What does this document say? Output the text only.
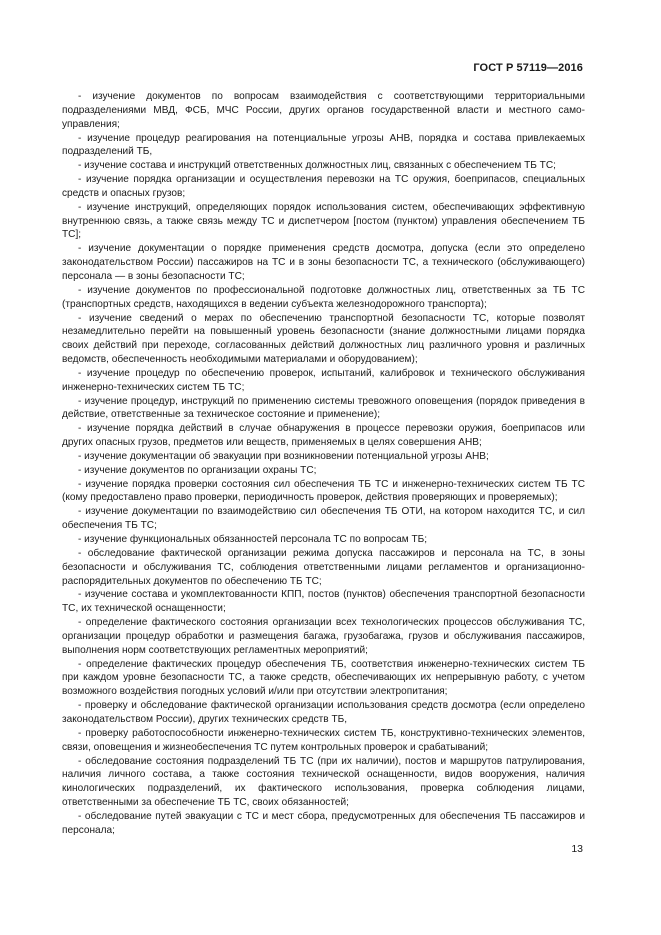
ГОСТ Р 57119—2016

- изучение документов по вопросам взаимодействия с соответствующими территориальными подразделениями МВД, ФСБ, МЧС России, других органов государственной власти и местного самоуправления;

- изучение процедур реагирования на потенциальные угрозы АНВ, порядка и состава привлекаемых подразделений ТБ,

- изучение состава и инструкций ответственных должностных лиц, связанных с обеспечением ТБ ТС;

- изучение порядка организации и осуществления перевозки на ТС оружия, боеприпасов, специальных средств и опасных грузов;

- изучение инструкций, определяющих порядок использования систем, обеспечивающих эффективную внутреннюю связь, а также связь между ТС и диспетчером [постом (пунктом) управления обеспечением ТБ ТС];

- изучение документации о порядке применения средств досмотра, допуска (если это определено законодательством России) пассажиров на ТС и в зоны безопасности ТС, а технического (обслуживающего) персонала — в зоны безопасности ТС;

- изучение документов по профессиональной подготовке должностных лиц, ответственных за ТБ ТС (транспортных средств, находящихся в ведении субъекта железнодорожного транспорта);

- изучение сведений о мерах по обеспечению транспортной безопасности ТС, которые позволят незамедлительно перейти на повышенный уровень безопасности (знание должностными лицами порядка своих действий при переходе, согласованных действий должностных лиц различного уровня и различных ведомств, обеспеченность необходимыми материалами и оборудованием);

- изучение процедур по обеспечению проверок, испытаний, калибровок и технического обслуживания инженерно-технических систем ТБ ТС;

- изучение процедур, инструкций по применению системы тревожного оповещения (порядок приведения в действие, ответственные за техническое состояние и применение);

- изучение порядка действий в случае обнаружения в процессе перевозки оружия, боеприпасов или других опасных грузов, предметов или веществ, применяемых в целях совершения АНВ;

- изучение документации об эвакуации при возникновении потенциальной угрозы АНВ;

- изучение документов по организации охраны ТС;

- изучение порядка проверки состояния сил обеспечения ТБ ТС и инженерно-технических систем ТБ ТС (кому предоставлено право проверки, периодичность проверок, действия проверяющих и проверяемых);

- изучение документации по взаимодействию сил обеспечения ТБ ОТИ, на котором находится ТС, и сил обеспечения ТБ ТС;

- изучение функциональных обязанностей персонала ТС по вопросам ТБ;

- обследование фактической организации режима допуска пассажиров и персонала на ТС, в зоны безопасности и обслуживания ТС, соблюдения ответственными лицами регламентов и организационно-распорядительных документов по обеспечению ТБ ТС;

- изучение состава и укомплектованности КПП, постов (пунктов) обеспечения транспортной безопасности ТС, их технической оснащенности;

- определение фактического состояния организации всех технологических процессов обслуживания ТС, организации процедур обработки и размещения багажа, грузобагажа, грузов и обслуживания пассажиров, выполнения норм соответствующих регламентных мероприятий;

- определение фактических процедур обеспечения ТБ, соответствия инженерно-технических систем ТБ при каждом уровне безопасности ТС, а также средств, обеспечивающих их непрерывную работу, с учетом возможного воздействия погодных условий и/или при отсутствии электропитания;

- проверку и обследование фактической организации использования средств досмотра (если определено законодательством России), других технических средств ТБ,

- проверку работоспособности инженерно-технических систем ТБ, конструктивно-технических элементов, связи, оповещения и жизнеобеспечения ТС путем контрольных проверок и срабатываний;

- обследование состояния подразделений ТБ ТС (при их наличии), постов и маршрутов патрулирования, наличия личного состава, а также состояния технической оснащенности, видов вооружения, наличия кинологических подразделений, их фактического использования, проверка соблюдения лицами, ответственными за обеспечение ТБ ТС, своих обязанностей;

- обследование путей эвакуации с ТС и мест сбора, предусмотренных для обеспечения ТБ пассажиров и персонала;

13
